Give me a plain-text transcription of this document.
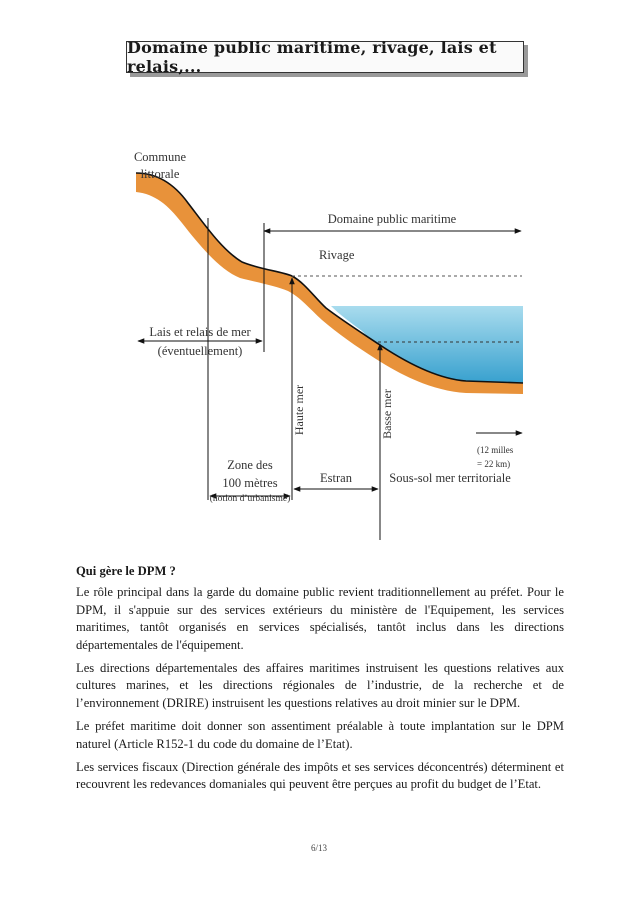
Domaine public maritime, rivage, lais et relais,...
Commune
littorale
Domaine public maritime
Rivage
Lais et relais de mer
(éventuellement)
Haute mer	Basse mer
(12 milles
= 22 km)
Zone des
100 mètres
(notion d’urbanisme)
Estran	Sous-sol mer territoriale
Qui gère le DPM ?

Le rôle principal dans la garde du domaine public revient traditionnellement au préfet. Pour le DPM, il s'appuie sur des services extérieurs du ministère de l'Equipement, les services maritimes, tantôt organisés en services spécialisés, tantôt inclus dans les directions départementales de l'équipement.

Les directions départementales des affaires maritimes instruisent les questions relatives aux cultures marines, et les directions régionales de l’industrie, de la recherche et de l’environnement (DRIRE) instruisent les questions relatives au droit minier sur le DPM.

Le préfet maritime doit donner son assentiment préalable à toute implantation sur le DPM naturel (Article R152-1 du code du domaine de l’Etat).

Les services fiscaux (Direction générale des impôts et ses services déconcentrés) déterminent et recouvrent les redevances domaniales qui peuvent être perçues au profit du budget de l’Etat.

6/13
